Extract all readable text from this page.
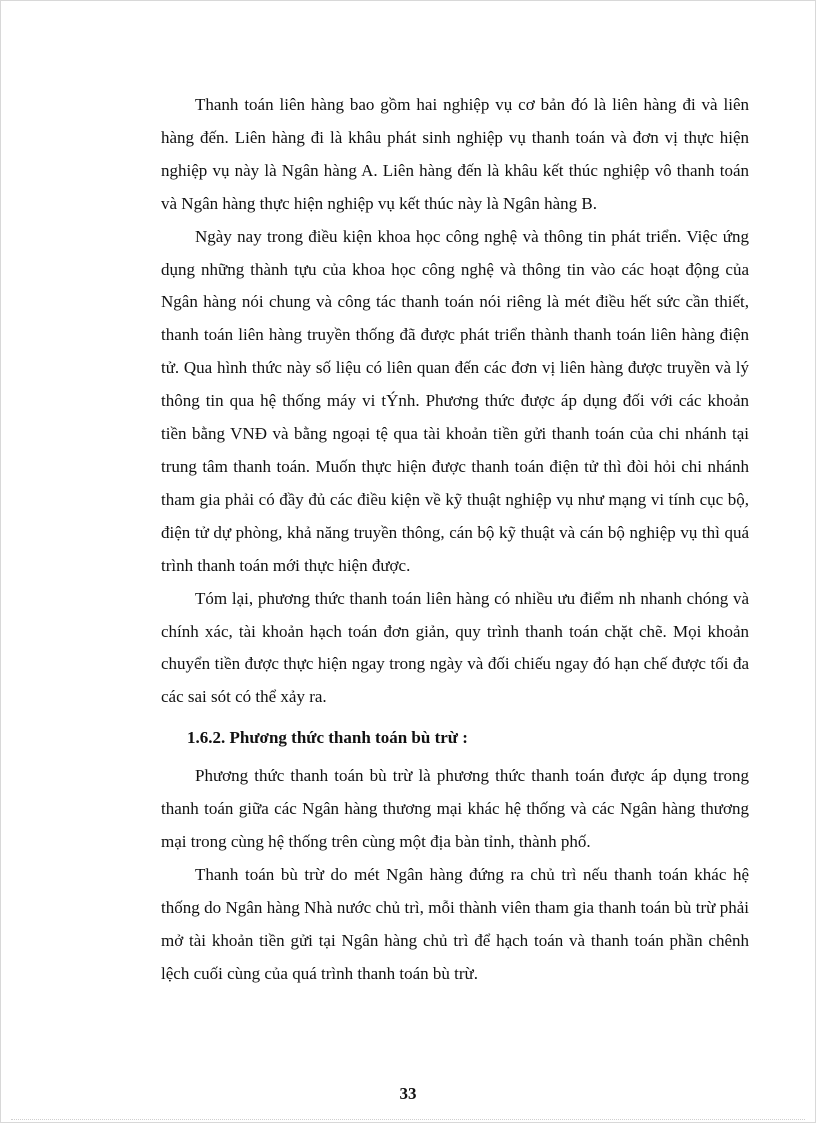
Thanh toán liên hàng bao gồm hai nghiệp vụ cơ bản đó là liên hàng đi và liên hàng đến. Liên hàng đi là khâu phát sinh nghiệp vụ thanh toán và đơn vị thực hiện nghiệp vụ này là Ngân hàng A. Liên hàng đến là khâu kết thúc nghiệp vô thanh toán và Ngân hàng thực hiện nghiệp vụ kết thúc này là Ngân hàng B.

Ngày nay trong điều kiện khoa học công nghệ và thông tin phát triển. Việc ứng dụng những thành tựu của khoa học công nghệ và thông tin vào các hoạt động của Ngân hàng nói chung và công tác thanh toán nói riêng là mét điều hết sức cần thiết, thanh toán liên hàng truyền thống đã được phát triển thành thanh toán liên hàng điện tử. Qua hình thức này số liệu có liên quan đến các đơn vị liên hàng được truyền và lý thông tin qua hệ thống máy vi tÝnh. Phương thức được áp dụng đối với các khoản tiền bằng VNĐ và bằng ngoại tệ qua tài khoản tiền gửi thanh toán của chi nhánh tại trung tâm thanh toán. Muốn thực hiện được thanh toán điện tử thì đòi hỏi chi nhánh tham gia phải có đầy đủ các điều kiện về kỹ thuật nghiệp vụ như mạng vi tính cục bộ, điện tử dự phòng, khả năng truyền thông, cán bộ kỹ thuật và cán bộ nghiệp vụ thì quá trình thanh toán mới thực hiện được.

Tóm lại, phương thức thanh toán liên hàng có nhiều ưu điểm nh nhanh chóng và chính xác, tài khoản hạch toán đơn giản, quy trình thanh toán chặt chẽ. Mọi khoản chuyển tiền được thực hiện ngay trong ngày và đối chiếu ngay đó hạn chế được tối đa các sai sót có thể xảy ra.

1.6.2. Phương thức thanh toán bù trừ :

Phương thức thanh toán bù trừ là phương thức thanh toán được áp dụng trong thanh toán giữa các Ngân hàng thương mại khác hệ thống và các Ngân hàng thương mại trong cùng hệ thống trên cùng một địa bàn tỉnh, thành phố.

Thanh toán bù trừ do mét Ngân hàng đứng ra chủ trì nếu thanh toán khác hệ thống do Ngân hàng Nhà nước chủ trì, mỗi thành viên tham gia thanh toán bù trừ phải mở tài khoản tiền gửi tại Ngân hàng chủ trì để hạch toán và thanh toán phần chênh lệch cuối cùng của quá trình thanh toán bù trừ.

33
